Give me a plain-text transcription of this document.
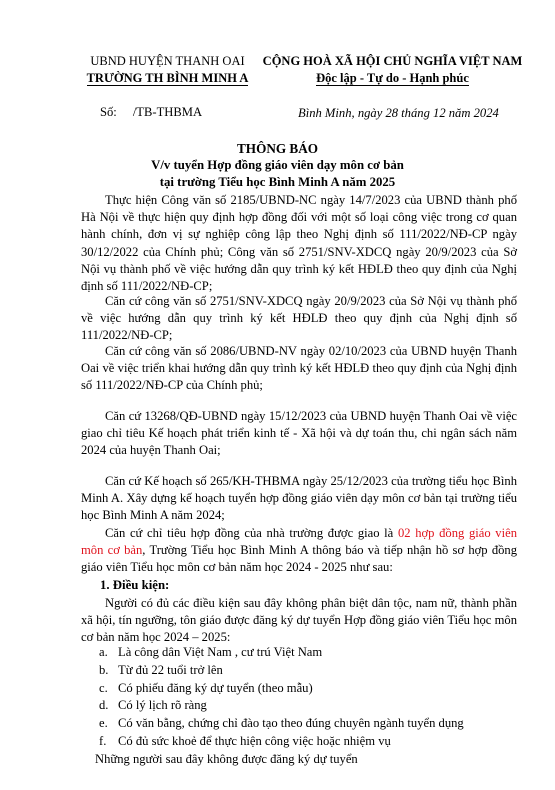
UBND HUYỆN THANH OAI
TRƯỜNG TH BÌNH MINH A
CỘNG HOÀ XÃ HỘI CHỦ NGHĨA VIỆT NAM
Độc lập - Tự do - Hạnh phúc
Số: /TB-THBMA	Bình Minh, ngày 28 tháng 12 năm 2024
THÔNG BÁO
V/v tuyển Hợp đồng giáo viên dạy môn cơ bản
tại trường Tiểu học Bình Minh A năm 2025
Thực hiện Công văn số 2185/UBND-NC ngày 14/7/2023 của UBND thành phố Hà Nội về thực hiện quy định hợp đồng đối với một số loại công việc trong cơ quan hành chính, đơn vị sự nghiệp công lập theo Nghị định số 111/2022/NĐ-CP ngày 30/12/2022 của Chính phủ; Công văn số 2751/SNV-XDCQ ngày 20/9/2023 của Sở Nội vụ thành phố về việc hướng dẫn quy trình ký kết HĐLĐ theo quy định của Nghị định số 111/2022/NĐ-CP;
Căn cứ công văn số 2751/SNV-XDCQ ngày 20/9/2023 của Sở Nội vụ thành phố về việc hướng dẫn quy trình ký kết HĐLĐ theo quy định của Nghị định số 111/2022/NĐ-CP;
Căn cứ công văn số 2086/UBND-NV ngày 02/10/2023 của UBND huyện Thanh Oai về việc triển khai hướng dẫn quy trình ký kết HĐLĐ theo quy định của Nghị định số 111/2022/NĐ-CP của Chính phủ;
Căn cứ 13268/QĐ-UBND ngày 15/12/2023 của UBND huyện Thanh Oai về việc giao chỉ tiêu Kế hoạch phát triển kinh tế - Xã hội và dự toán thu, chi ngân sách năm 2024 của huyện Thanh Oai;
Căn cứ Kế hoạch số 265/KH-THBMA ngày 25/12/2023 của trường tiểu học Bình Minh A. Xây dựng kế hoạch tuyển hợp đồng giáo viên dạy môn cơ bản tại trường tiểu học Bình Minh A năm 2024;
Căn cứ chỉ tiêu hợp đồng của nhà trường được giao là 02 hợp đồng giáo viên môn cơ bản, Trường Tiểu học Bình Minh A thông báo và tiếp nhận hồ sơ hợp đồng giáo viên Tiểu học môn cơ bản năm học 2024 - 2025 như sau:
1. Điều kiện:
Người có đủ các điều kiện sau đây không phân biệt dân tộc, nam nữ, thành phần xã hội, tín ngưỡng, tôn giáo được đăng ký dự tuyển Hợp đồng giáo viên Tiểu học môn cơ bản năm học 2024 – 2025:
a. Là công dân Việt Nam , cư trú Việt Nam
b. Từ đủ 22 tuổi trở lên
c. Có phiếu đăng ký dự tuyển (theo mẫu)
d. Có lý lịch rõ ràng
e. Có văn bằng, chứng chỉ đào tạo theo đúng chuyên ngành tuyển dụng
f. Có đủ sức khoẻ để thực hiện công việc hoặc nhiệm vụ
Những người sau đây không được đăng ký dự tuyển
